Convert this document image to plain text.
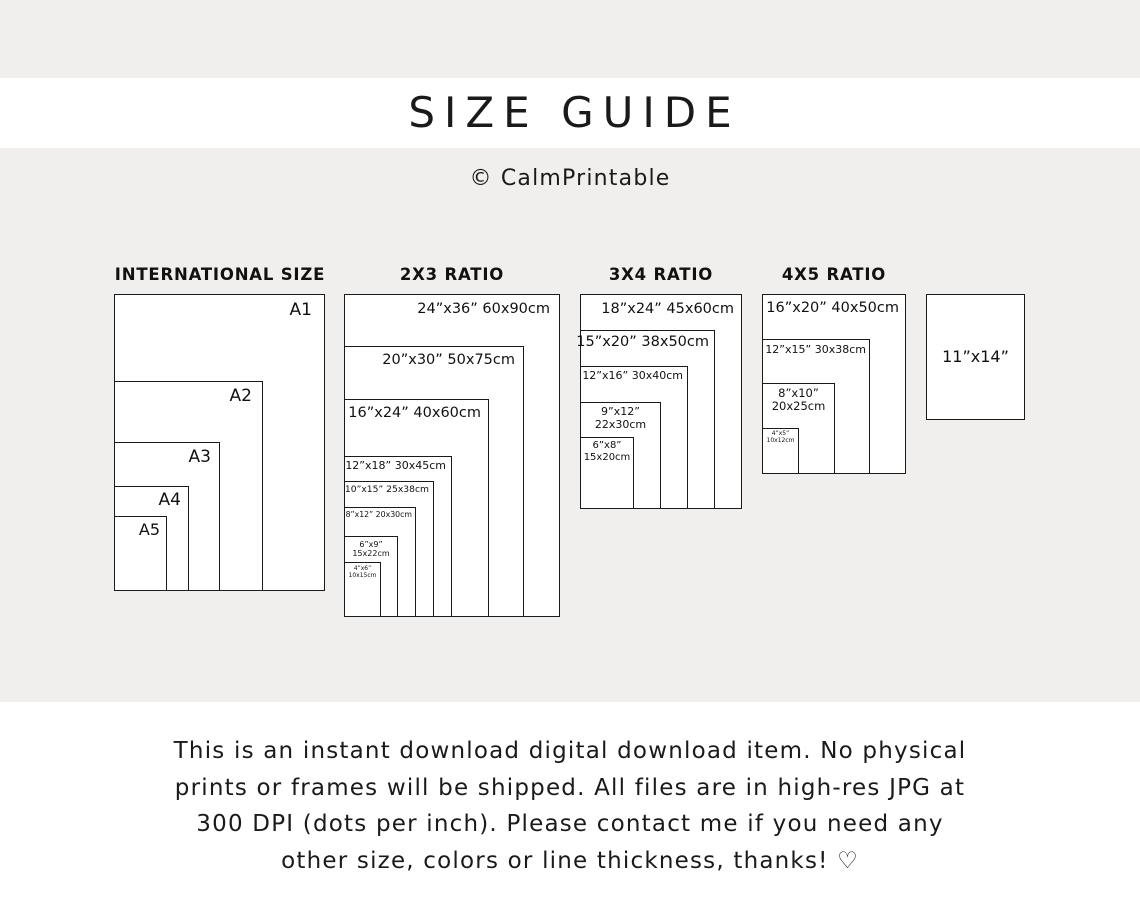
SIZE GUIDE
© CalmPrintable
INTERNATIONAL SIZE	2X3 RATIO	3X4 RATIO	4X5 RATIO
A1
A2
A3
A4
A5
24”x36” 60x90cm
20”x30” 50x75cm
16”x24” 40x60cm
12”x18” 30x45cm
10”x15” 25x38cm
8”x12” 20x30cm
6”x9”
15x22cm
4”x6”
10x15cm
18”x24” 45x60cm
15”x20” 38x50cm
12”x16” 30x40cm
9”x12”
22x30cm
6”x8”
15x20cm
16”x20” 40x50cm
12”x15” 30x38cm
8”x10”
20x25cm
4”x5”
10x12cm
11”x14”
This is an instant download digital download item. No physical
prints or frames will be shipped. All files are in high-res JPG at
300 DPI (dots per inch). Please contact me if you need any
other size, colors or line thickness, thanks! ♡
